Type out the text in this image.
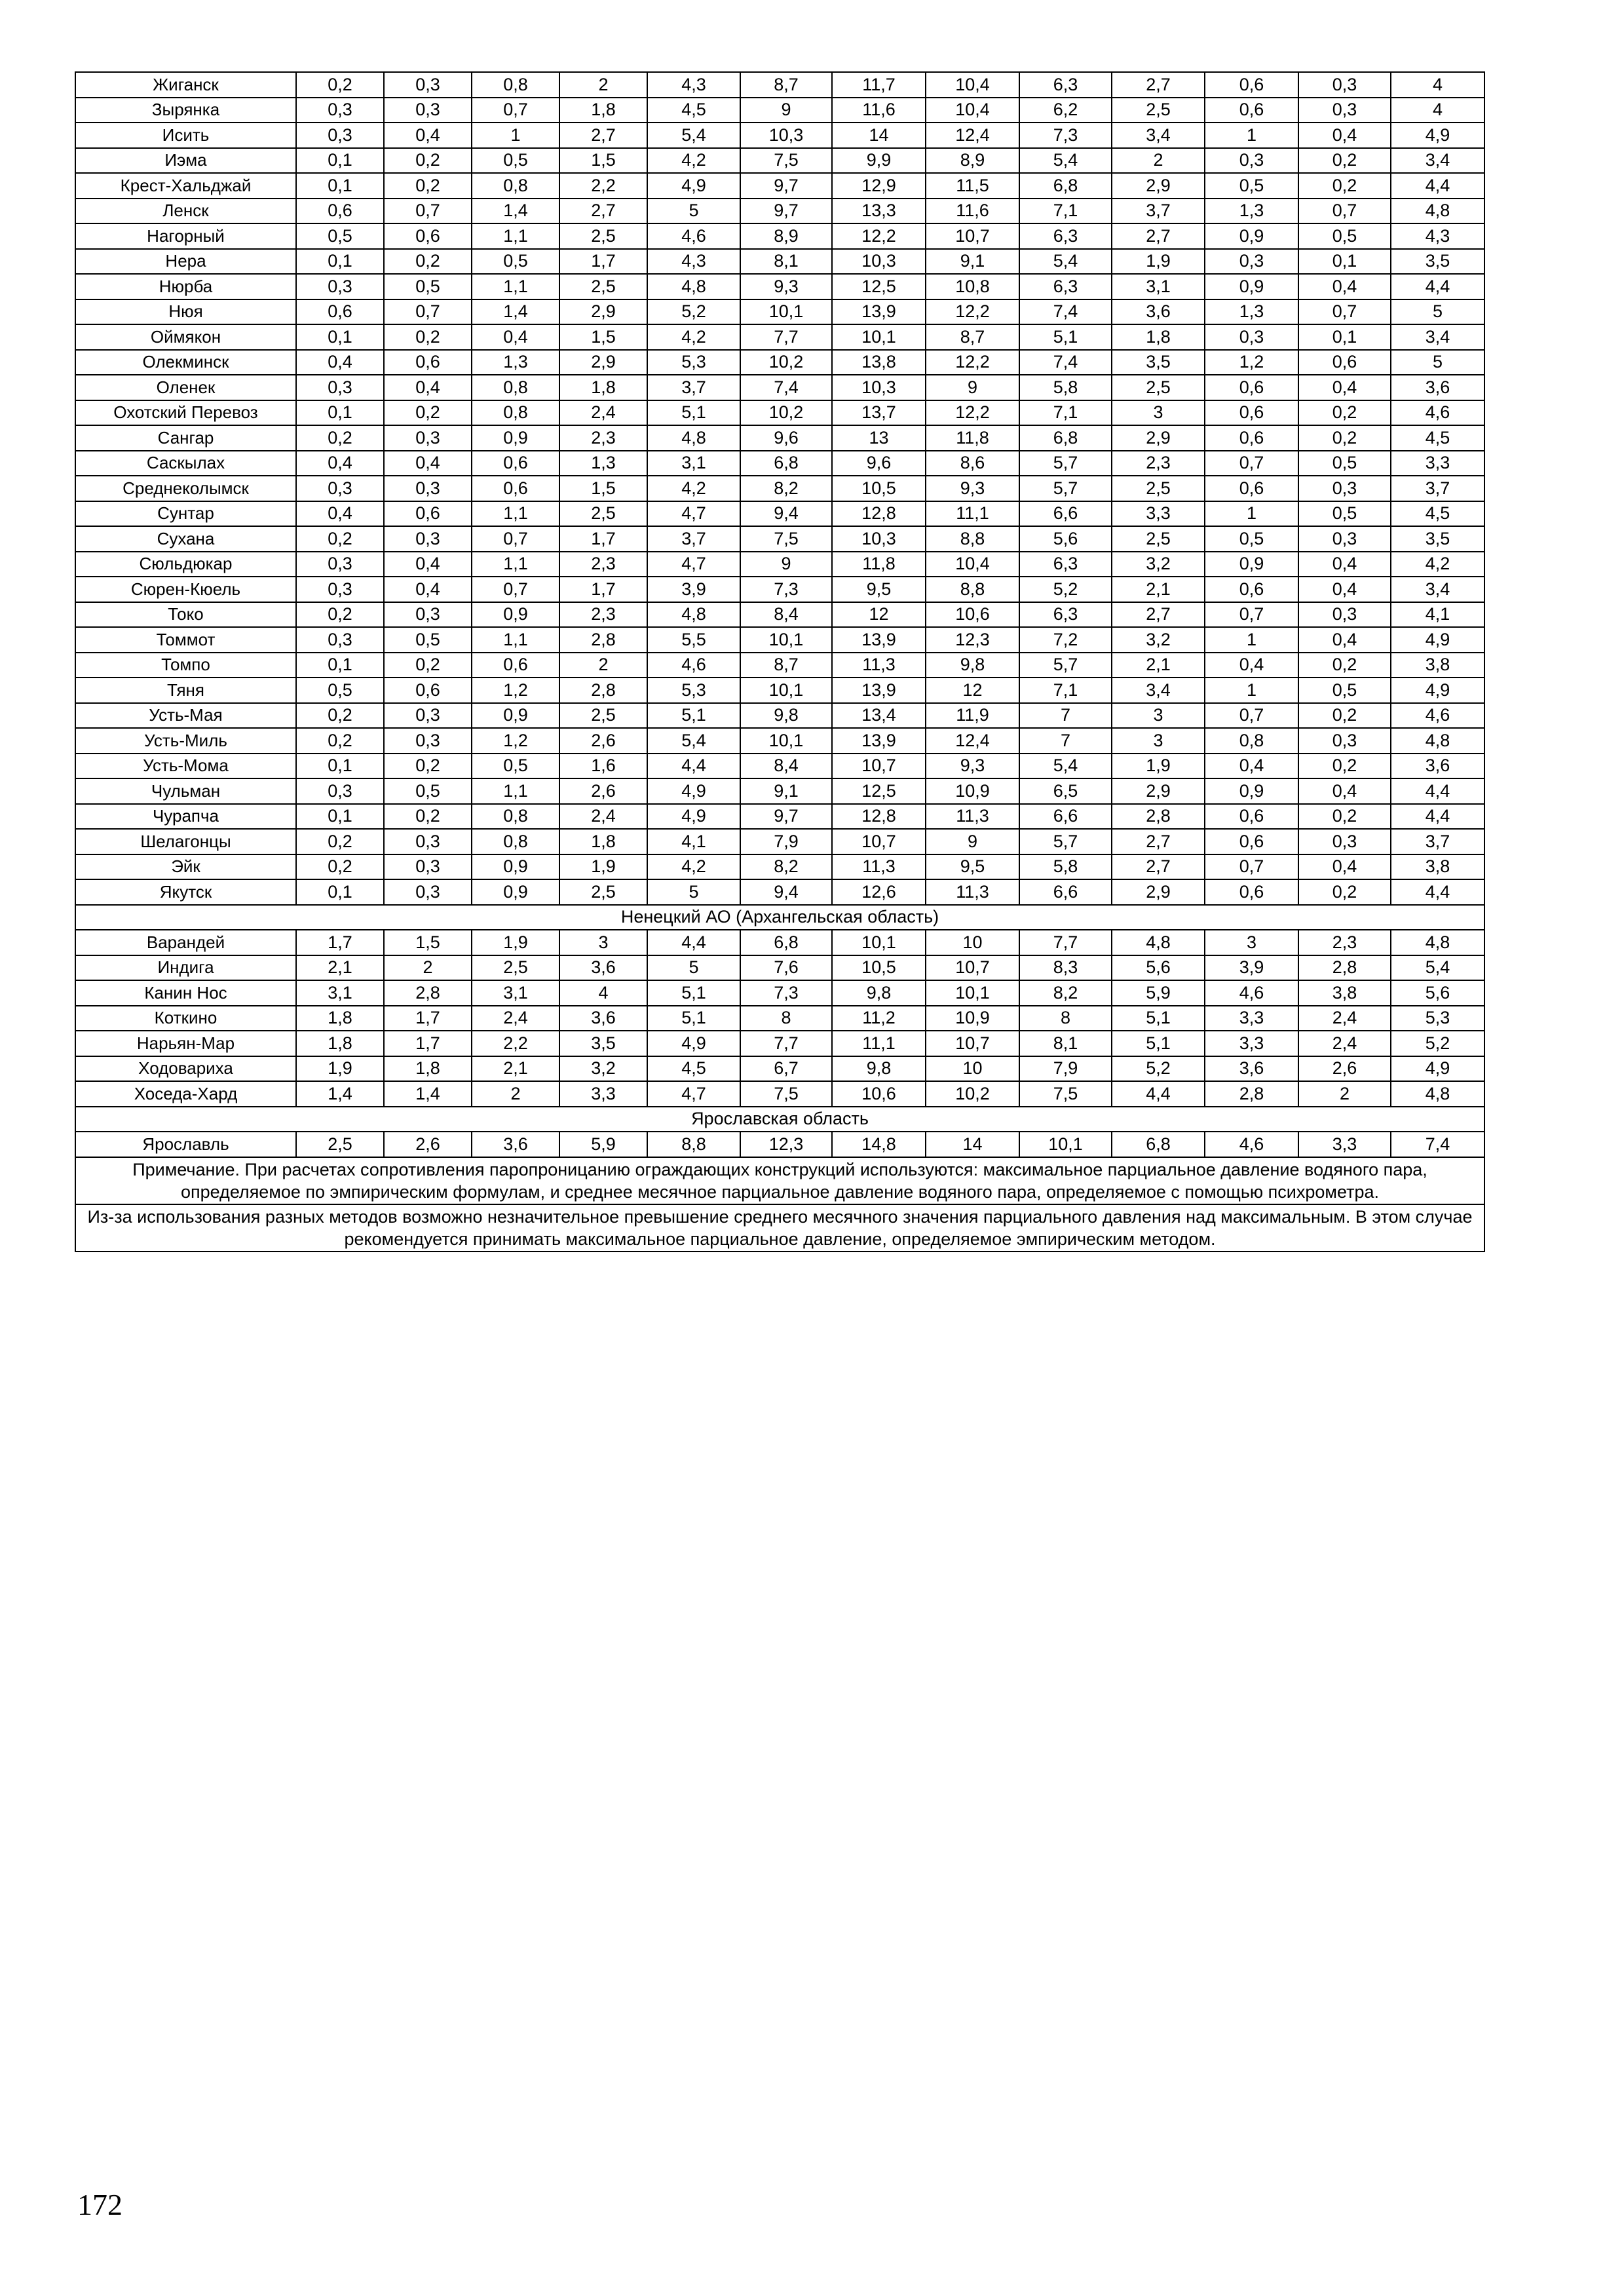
Жиганск	0,2	0,3	0,8	2	4,3	8,7	11,7	10,4	6,3	2,7	0,6	0,3	4
Зырянка	0,3	0,3	0,7	1,8	4,5	9	11,6	10,4	6,2	2,5	0,6	0,3	4
Исить	0,3	0,4	1	2,7	5,4	10,3	14	12,4	7,3	3,4	1	0,4	4,9
Иэма	0,1	0,2	0,5	1,5	4,2	7,5	9,9	8,9	5,4	2	0,3	0,2	3,4
Крест-Хальджай	0,1	0,2	0,8	2,2	4,9	9,7	12,9	11,5	6,8	2,9	0,5	0,2	4,4
Ленск	0,6	0,7	1,4	2,7	5	9,7	13,3	11,6	7,1	3,7	1,3	0,7	4,8
Нагорный	0,5	0,6	1,1	2,5	4,6	8,9	12,2	10,7	6,3	2,7	0,9	0,5	4,3
Нера	0,1	0,2	0,5	1,7	4,3	8,1	10,3	9,1	5,4	1,9	0,3	0,1	3,5
Нюрба	0,3	0,5	1,1	2,5	4,8	9,3	12,5	10,8	6,3	3,1	0,9	0,4	4,4
Нюя	0,6	0,7	1,4	2,9	5,2	10,1	13,9	12,2	7,4	3,6	1,3	0,7	5
Оймякон	0,1	0,2	0,4	1,5	4,2	7,7	10,1	8,7	5,1	1,8	0,3	0,1	3,4
Олекминск	0,4	0,6	1,3	2,9	5,3	10,2	13,8	12,2	7,4	3,5	1,2	0,6	5
Оленек	0,3	0,4	0,8	1,8	3,7	7,4	10,3	9	5,8	2,5	0,6	0,4	3,6
Охотский Перевоз	0,1	0,2	0,8	2,4	5,1	10,2	13,7	12,2	7,1	3	0,6	0,2	4,6
Сангар	0,2	0,3	0,9	2,3	4,8	9,6	13	11,8	6,8	2,9	0,6	0,2	4,5
Саскылах	0,4	0,4	0,6	1,3	3,1	6,8	9,6	8,6	5,7	2,3	0,7	0,5	3,3
Среднеколымск	0,3	0,3	0,6	1,5	4,2	8,2	10,5	9,3	5,7	2,5	0,6	0,3	3,7
Сунтар	0,4	0,6	1,1	2,5	4,7	9,4	12,8	11,1	6,6	3,3	1	0,5	4,5
Сухана	0,2	0,3	0,7	1,7	3,7	7,5	10,3	8,8	5,6	2,5	0,5	0,3	3,5
Сюльдюкар	0,3	0,4	1,1	2,3	4,7	9	11,8	10,4	6,3	3,2	0,9	0,4	4,2
Сюрен-Кюель	0,3	0,4	0,7	1,7	3,9	7,3	9,5	8,8	5,2	2,1	0,6	0,4	3,4
Токо	0,2	0,3	0,9	2,3	4,8	8,4	12	10,6	6,3	2,7	0,7	0,3	4,1
Томмот	0,3	0,5	1,1	2,8	5,5	10,1	13,9	12,3	7,2	3,2	1	0,4	4,9
Томпо	0,1	0,2	0,6	2	4,6	8,7	11,3	9,8	5,7	2,1	0,4	0,2	3,8
Тяня	0,5	0,6	1,2	2,8	5,3	10,1	13,9	12	7,1	3,4	1	0,5	4,9
Усть-Мая	0,2	0,3	0,9	2,5	5,1	9,8	13,4	11,9	7	3	0,7	0,2	4,6
Усть-Миль	0,2	0,3	1,2	2,6	5,4	10,1	13,9	12,4	7	3	0,8	0,3	4,8
Усть-Мома	0,1	0,2	0,5	1,6	4,4	8,4	10,7	9,3	5,4	1,9	0,4	0,2	3,6
Чульман	0,3	0,5	1,1	2,6	4,9	9,1	12,5	10,9	6,5	2,9	0,9	0,4	4,4
Чурапча	0,1	0,2	0,8	2,4	4,9	9,7	12,8	11,3	6,6	2,8	0,6	0,2	4,4
Шелагонцы	0,2	0,3	0,8	1,8	4,1	7,9	10,7	9	5,7	2,7	0,6	0,3	3,7
Эйк	0,2	0,3	0,9	1,9	4,2	8,2	11,3	9,5	5,8	2,7	0,7	0,4	3,8
Якутск	0,1	0,3	0,9	2,5	5	9,4	12,6	11,3	6,6	2,9	0,6	0,2	4,4
Ненецкий АО (Архангельская область)													
Варандей	1,7	1,5	1,9	3	4,4	6,8	10,1	10	7,7	4,8	3	2,3	4,8
Индига	2,1	2	2,5	3,6	5	7,6	10,5	10,7	8,3	5,6	3,9	2,8	5,4
Канин Нос	3,1	2,8	3,1	4	5,1	7,3	9,8	10,1	8,2	5,9	4,6	3,8	5,6
Коткино	1,8	1,7	2,4	3,6	5,1	8	11,2	10,9	8	5,1	3,3	2,4	5,3
Нарьян-Мар	1,8	1,7	2,2	3,5	4,9	7,7	11,1	10,7	8,1	5,1	3,3	2,4	5,2
Ходовариха	1,9	1,8	2,1	3,2	4,5	6,7	9,8	10	7,9	5,2	3,6	2,6	4,9
Хоседа-Хард	1,4	1,4	2	3,3	4,7	7,5	10,6	10,2	7,5	4,4	2,8	2	4,8
Ярославская область													
Ярославль	2,5	2,6	3,6	5,9	8,8	12,3	14,8	14	10,1	6,8	4,6	3,3	7,4
Примечание. При расчетах сопротивления паропроницанию ограждающих конструкций используются: максимальное парциальное давление водяного пара, определяемое по эмпирическим формулам, и среднее месячное парциальное давление водяного пара, определяемое с помощью психрометра.													
Из-за использования разных методов возможно незначительное превышение среднего месячного значения парциального давления над максимальным. В этом случае рекомендуется принимать максимальное парциальное давление, определяемое эмпирическим методом.													
172
